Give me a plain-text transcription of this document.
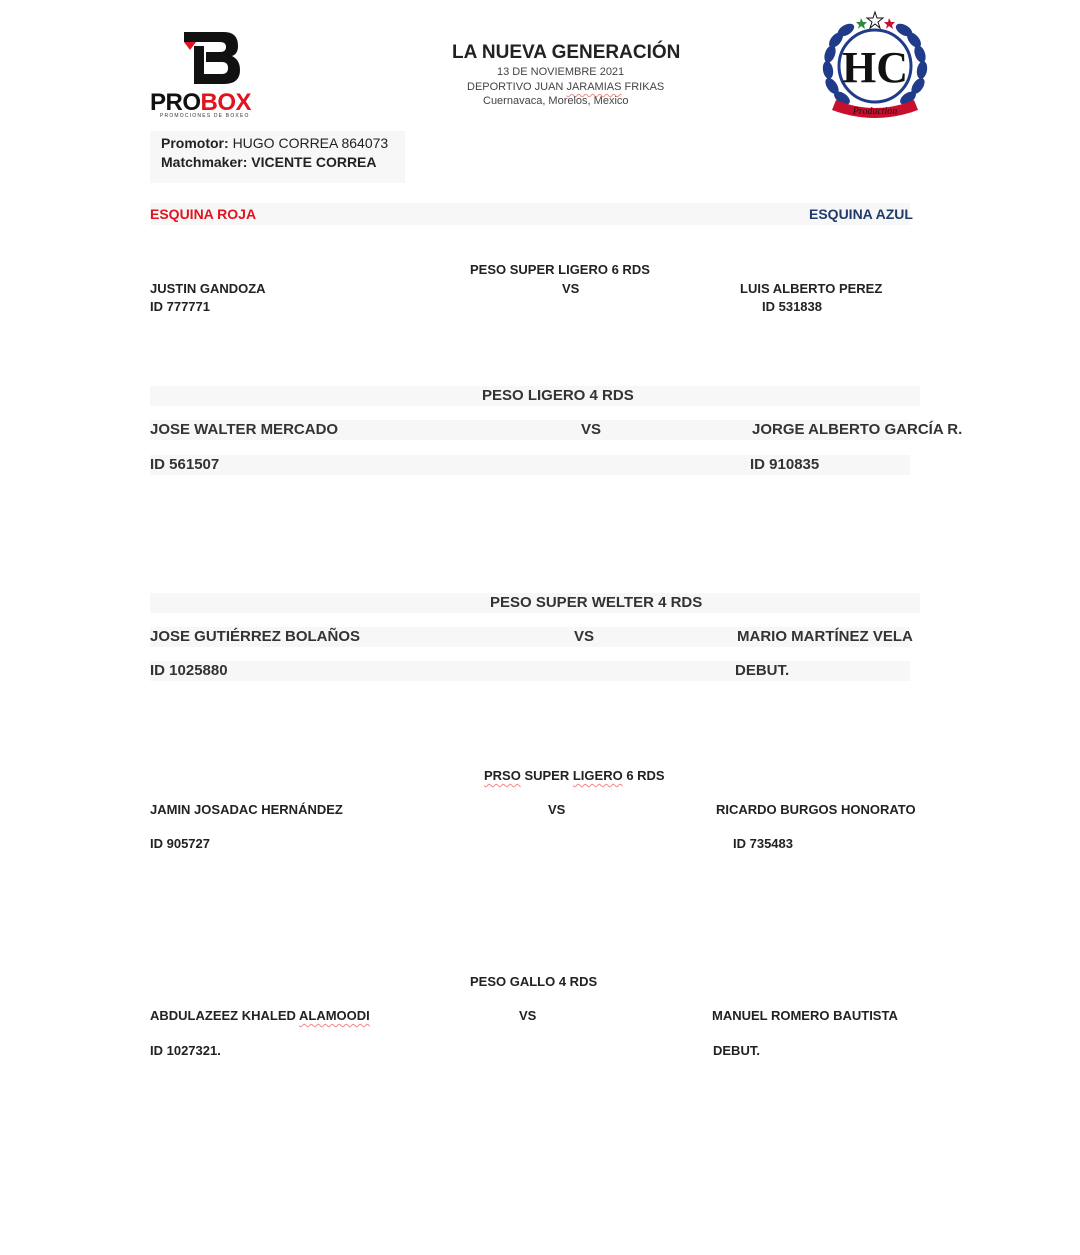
LA NUEVA GENERACIÓN
13 DE NOVIEMBRE 2021
DEPORTIVO JUAN JARAMIAS FRIKAS
Cuernavaca, Morelos, Mexico
PROBOX
PROMOCIONES DE BOXEO
HC
Production
Promotor: HUGO CORREA 864073
Matchmaker: VICENTE CORREA
ESQUINA ROJA	ESQUINA AZUL
PESO SUPER LIGERO 6 RDS
JUSTIN GANDOZA	VS	LUIS ALBERTO PEREZ
ID 777771	ID 531838
PESO LIGERO 4 RDS
JOSE WALTER MERCADO	VS	JORGE ALBERTO GARCÍA R.
ID 561507	ID 910835
PESO SUPER WELTER 4 RDS
JOSE GUTIÉRREZ BOLAÑOS	VS	MARIO MARTÍNEZ VELA
ID 1025880	DEBUT.
PRSO SUPER LIGERO 6 RDS
JAMIN JOSADAC HERNÁNDEZ	VS	RICARDO BURGOS HONORATO
ID 905727	ID 735483
PESO GALLO 4 RDS
ABDULAZEEZ KHALED ALAMOODI	VS	MANUEL ROMERO BAUTISTA
ID 1027321.	DEBUT.
